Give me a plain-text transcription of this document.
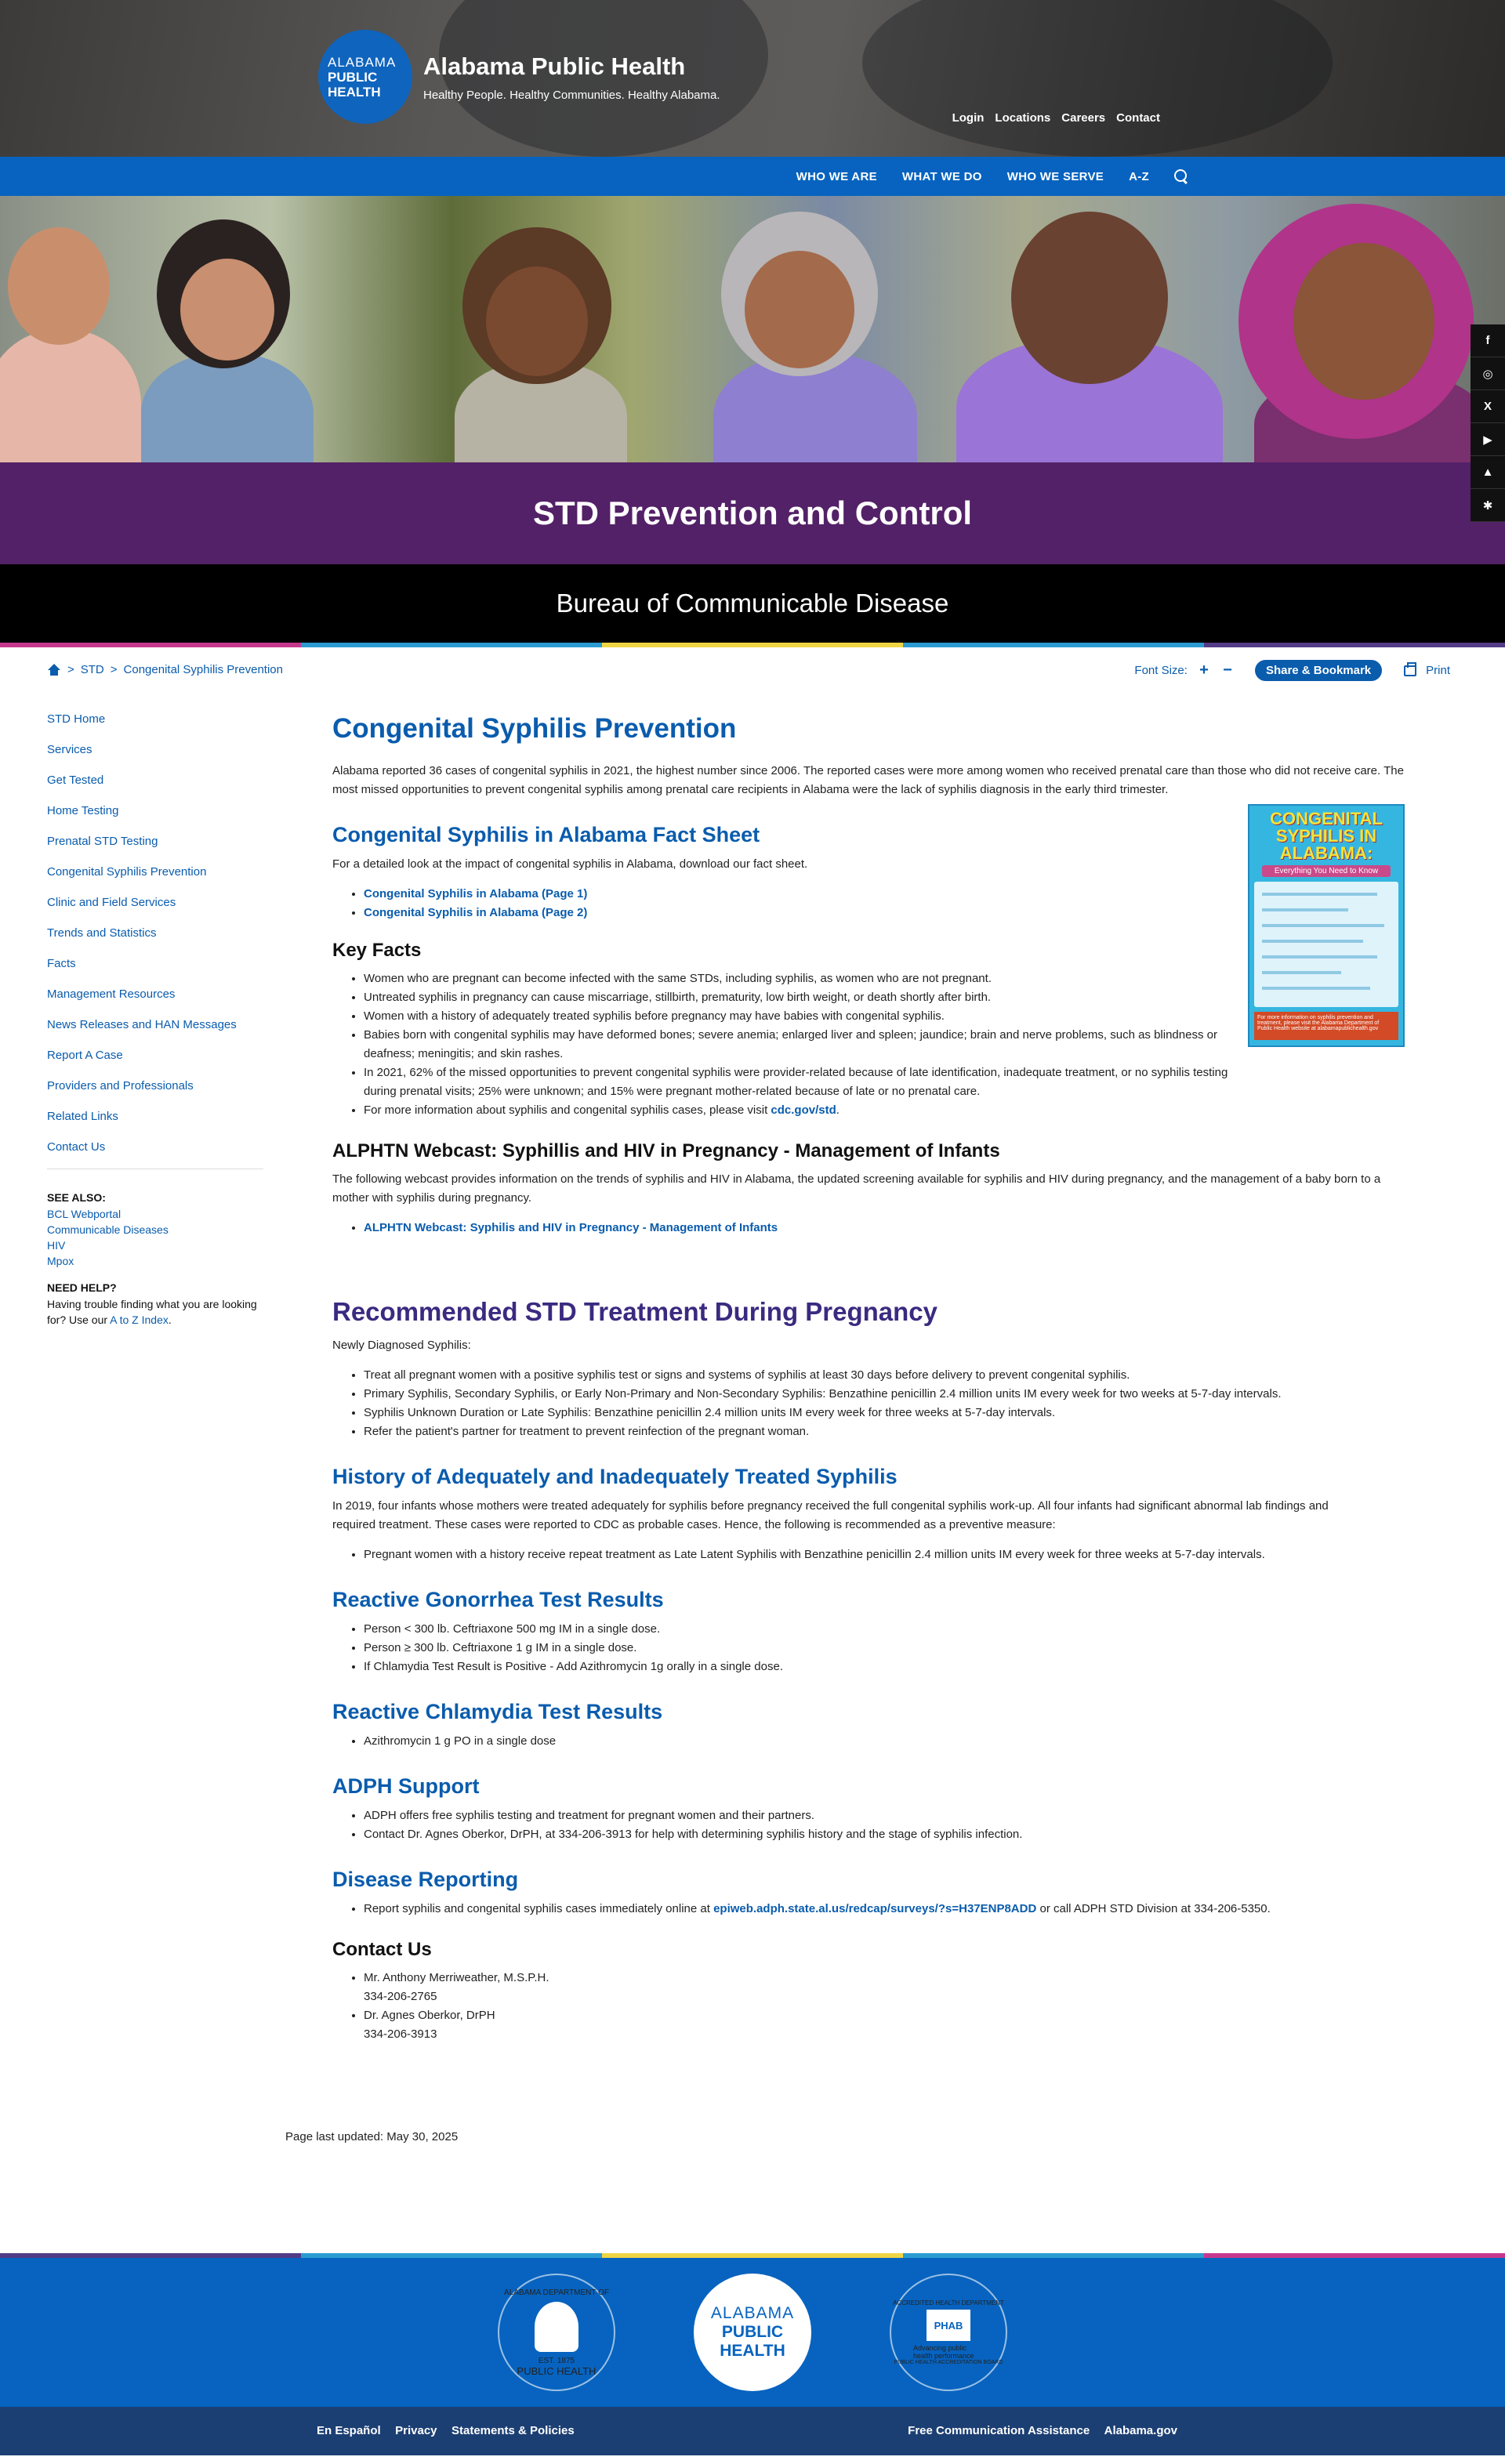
ALABAMA
PUBLIC
HEALTH
Alabama Public Health
Healthy People. Healthy Communities. Healthy Alabama.
Login Locations Careers Contact
WHO WE ARE WHAT WE DO WHO WE SERVE A-Z
f
◎
X
▶
▲
✱
STD Prevention and Control
Bureau of Communicable Disease
> STD > Congenital Syphilis Prevention	Font Size: + −	Share & Bookmark	Print
STD Home
Services
Get Tested
Home Testing
Prenatal STD Testing
Congenital Syphilis Prevention
Clinic and Field Services
Trends and Statistics
Facts
Management Resources
News Releases and HAN Messages
Report A Case
Providers and Professionals
Related Links
Contact Us
SEE ALSO:
BCL Webportal
Communicable Diseases
HIV
Mpox
NEED HELP?
Having trouble finding what you are looking for? Use our A to Z Index.
Congenital Syphilis Prevention

Alabama reported 36 cases of congenital syphilis in 2021, the highest number since 2006. The reported cases were more among women who received prenatal care than those who did not receive care. The most missed opportunities to prevent congenital syphilis among prenatal care recipients in Alabama were the lack of syphilis diagnosis in the early third trimester.

CONGENITAL SYPHILIS IN ALABAMA:
Everything You Need to Know
For more information on syphilis prevention and treatment, please visit the Alabama Department of Public Health website at alabamapublichealth.gov
Congenital Syphilis in Alabama Fact Sheet

For a detailed look at the impact of congenital syphilis in Alabama, download our fact sheet.

• Congenital Syphilis in Alabama (Page 1)
• Congenital Syphilis in Alabama (Page 2)
Key Facts
• Women who are pregnant can become infected with the same STDs, including syphilis, as women who are not pregnant.
• Untreated syphilis in pregnancy can cause miscarriage, stillbirth, prematurity, low birth weight, or death shortly after birth.
• Women with a history of adequately treated syphilis before pregnancy may have babies with congenital syphilis.
• Babies born with congenital syphilis may have deformed bones; severe anemia; enlarged liver and spleen; jaundice; brain and nerve problems, such as blindness or deafness; meningitis; and skin rashes.
• In 2021, 62% of the missed opportunities to prevent congenital syphilis were provider-related because of late identification, inadequate treatment, or no syphilis testing during prenatal visits; 25% were unknown; and 15% were pregnant mother-related because of late or no prenatal care.
• For more information about syphilis and congenital syphilis cases, please visit cdc.gov/std.
ALPHTN Webcast: Syphillis and HIV in Pregnancy - Management of Infants

The following webcast provides information on the trends of syphilis and HIV in Alabama, the updated screening available for syphilis and HIV during pregnancy, and the management of a baby born to a mother with syphilis during pregnancy.

• ALPHTN Webcast: Syphilis and HIV in Pregnancy - Management of Infants
Recommended STD Treatment During Pregnancy

Newly Diagnosed Syphilis:

• Treat all pregnant women with a positive syphilis test or signs and systems of syphilis at least 30 days before delivery to prevent congenital syphilis.
• Primary Syphilis, Secondary Syphilis, or Early Non-Primary and Non-Secondary Syphilis: Benzathine penicillin 2.4 million units IM every week for two weeks at 5-7-day intervals.
• Syphilis Unknown Duration or Late Syphilis: Benzathine penicillin 2.4 million units IM every week for three weeks at 5-7-day intervals.
• Refer the patient's partner for treatment to prevent reinfection of the pregnant woman.
History of Adequately and Inadequately Treated Syphilis

In 2019, four infants whose mothers were treated adequately for syphilis before pregnancy received the full congenital syphilis work-up. All four infants had significant abnormal lab findings and required treatment. These cases were reported to CDC as probable cases. Hence, the following is recommended as a preventive measure:

• Pregnant women with a history receive repeat treatment as Late Latent Syphilis with Benzathine penicillin 2.4 million units IM every week for three weeks at 5-7-day intervals.
Reactive Gonorrhea Test Results
• Person < 300 lb. Ceftriaxone 500 mg IM in a single dose.
• Person ≥ 300 lb. Ceftriaxone 1 g IM in a single dose.
• If Chlamydia Test Result is Positive - Add Azithromycin 1g orally in a single dose.
Reactive Chlamydia Test Results
• Azithromycin 1 g PO in a single dose
ADPH Support
• ADPH offers free syphilis testing and treatment for pregnant women and their partners.
• Contact Dr. Agnes Oberkor, DrPH, at 334-206-3913 for help with determining syphilis history and the stage of syphilis infection.
Disease Reporting
• Report syphilis and congenital syphilis cases immediately online at epiweb.adph.state.al.us/redcap/surveys/?s=H37ENP8ADD or call ADPH STD Division at 334-206-5350.
Contact Us
• Mr. Anthony Merriweather, M.S.P.H.
334-206-2765
• Dr. Agnes Oberkor, DrPH
334-206-3913
Page last updated: May 30, 2025
ALABAMA DEPARTMENT OF
EST. 1875
PUBLIC HEALTH
ALABAMA
PUBLIC
HEALTH
ACCREDITED HEALTH DEPARTMENT
PHAB
Advancing public health performance
PUBLIC HEALTH ACCREDITATION BOARD
En Español Privacy Statements & Policies	Free Communication Assistance Alabama.gov
